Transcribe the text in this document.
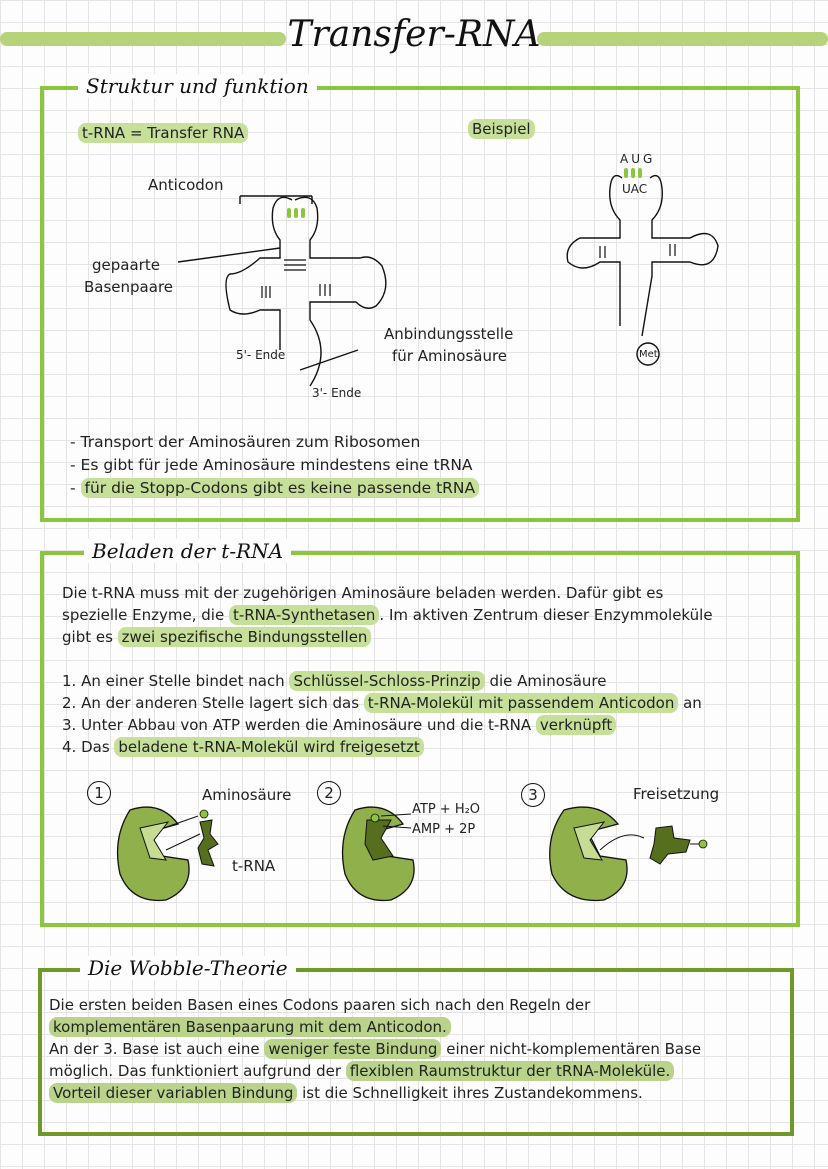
Transfer-RNA
Struktur und funktion
t-RNA = Transfer RNA	Beispiel
Anticodon
gepaarte
Basenpaare
5'- Ende
3'- Ende
Anbindungsstelle
für Aminosäure
AUG
UAC
Met
- Transport der Aminosäuren zum Ribosomen
- Es gibt für jede Aminosäure mindestens eine tRNA
- für die Stopp-Codons gibt es keine passende tRNA
Beladen der t-RNA
Die t-RNA muss mit der zugehörigen Aminosäure beladen werden. Dafür gibt es
spezielle Enzyme, die t-RNA-Synthetasen . Im aktiven Zentrum dieser Enzymmoleküle
gibt es zwei spezifische Bindungsstellen
1. An einer Stelle bindet nach Schlüssel-Schloss-Prinzip die Aminosäure
2. An der anderen Stelle lagert sich das t-RNA-Molekül mit passendem Anticodon an
3. Unter Abbau von ATP werden die Aminosäure und die t-RNA verknüpft
4. Das beladene t-RNA-Molekül wird freigesetzt
1	2	3
Aminosäure
t-RNA
ATP + H₂O
AMP + 2P
Freisetzung
Die Wobble-Theorie
Die ersten beiden Basen eines Codons paaren sich nach den Regeln der
komplementären Basenpaarung mit dem Anticodon.
An der 3. Base ist auch eine weniger feste Bindung einer nicht-komplementären Base
möglich. Das funktioniert aufgrund der flexiblen Raumstruktur der tRNA-Moleküle.
Vorteil dieser variablen Bindung ist die Schnelligkeit ihres Zustandekommens.
